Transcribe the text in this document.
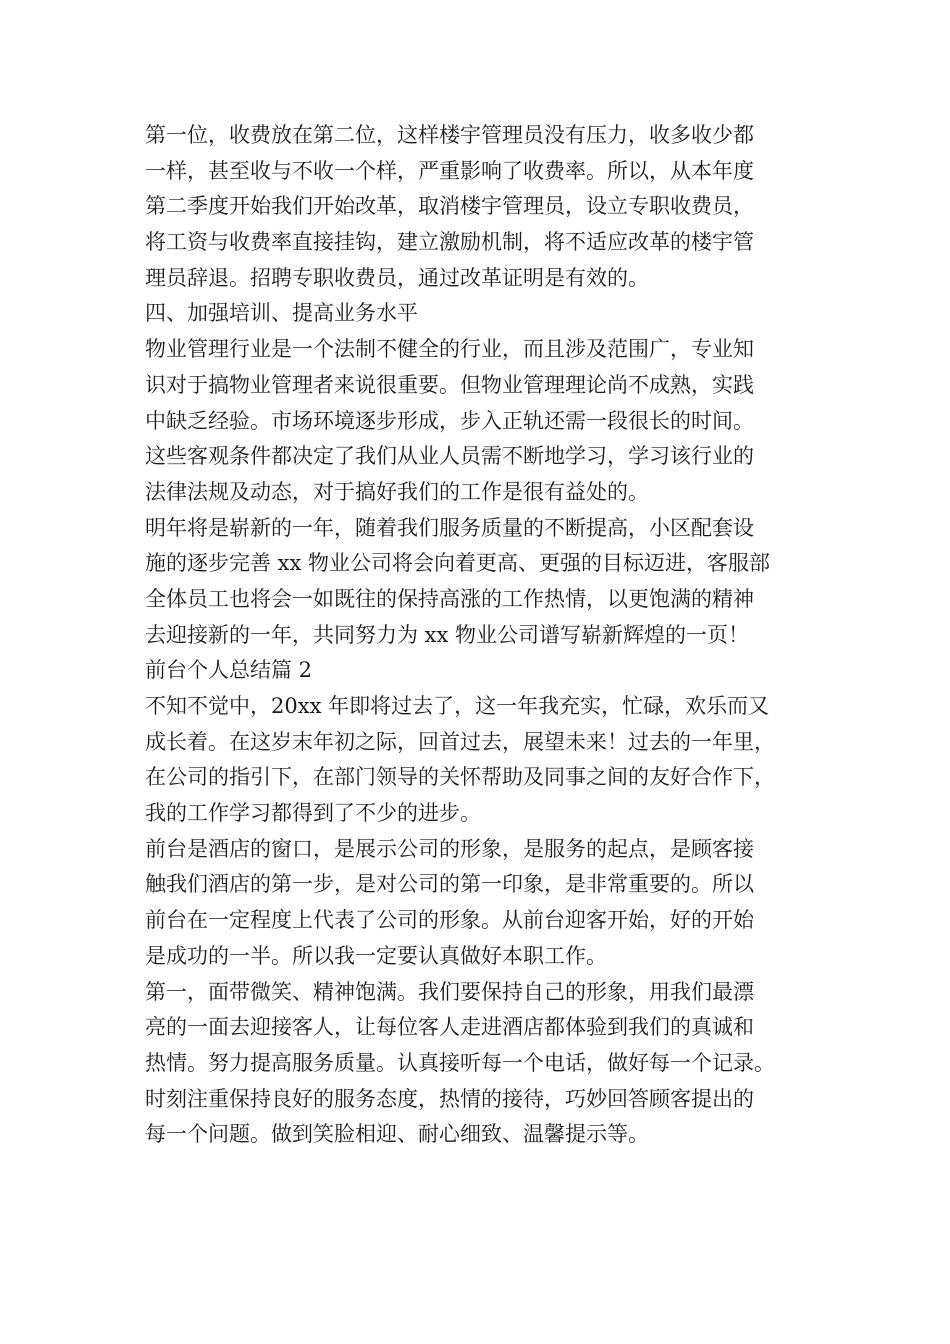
第一位，收费放在第二位，这样楼宇管理员没有压力，收多收少都
一样，甚至收与不收一个样，严重影响了收费率。所以，从本年度
第二季度开始我们开始改革，取消楼宇管理员，设立专职收费员，
将工资与收费率直接挂钩，建立激励机制，将不适应改革的楼宇管
理员辞退。招聘专职收费员，通过改革证明是有效的。
四、加强培训、提高业务水平
物业管理行业是一个法制不健全的行业，而且涉及范围广，专业知
识对于搞物业管理者来说很重要。但物业管理理论尚不成熟，实践
中缺乏经验。市场环境逐步形成，步入正轨还需一段很长的时间。
这些客观条件都决定了我们从业人员需不断地学习，学习该行业的
法律法规及动态，对于搞好我们的工作是很有益处的。
明年将是崭新的一年，随着我们服务质量的不断提高，小区配套设
施的逐步完善 xx 物业公司将会向着更高、更强的目标迈进，客服部
全体员工也将会一如既往的保持高涨的工作热情，以更饱满的精神
去迎接新的一年，共同努力为 xx 物业公司谱写崭新辉煌的一页！
前台个人总结篇 2
不知不觉中，20xx 年即将过去了，这一年我充实，忙碌，欢乐而又
成长着。在这岁末年初之际，回首过去，展望未来！过去的一年里，
在公司的指引下，在部门领导的关怀帮助及同事之间的友好合作下，
我的工作学习都得到了不少的进步。
前台是酒店的窗口，是展示公司的形象，是服务的起点，是顾客接
触我们酒店的第一步，是对公司的第一印象，是非常重要的。所以
前台在一定程度上代表了公司的形象。从前台迎客开始，好的开始
是成功的一半。所以我一定要认真做好本职工作。
第一，面带微笑、精神饱满。我们要保持自己的形象，用我们最漂
亮的一面去迎接客人，让每位客人走进酒店都体验到我们的真诚和
热情。努力提高服务质量。认真接听每一个电话，做好每一个记录。
时刻注重保持良好的服务态度，热情的接待，巧妙回答顾客提出的
每一个问题。做到笑脸相迎、耐心细致、温馨提示等。
